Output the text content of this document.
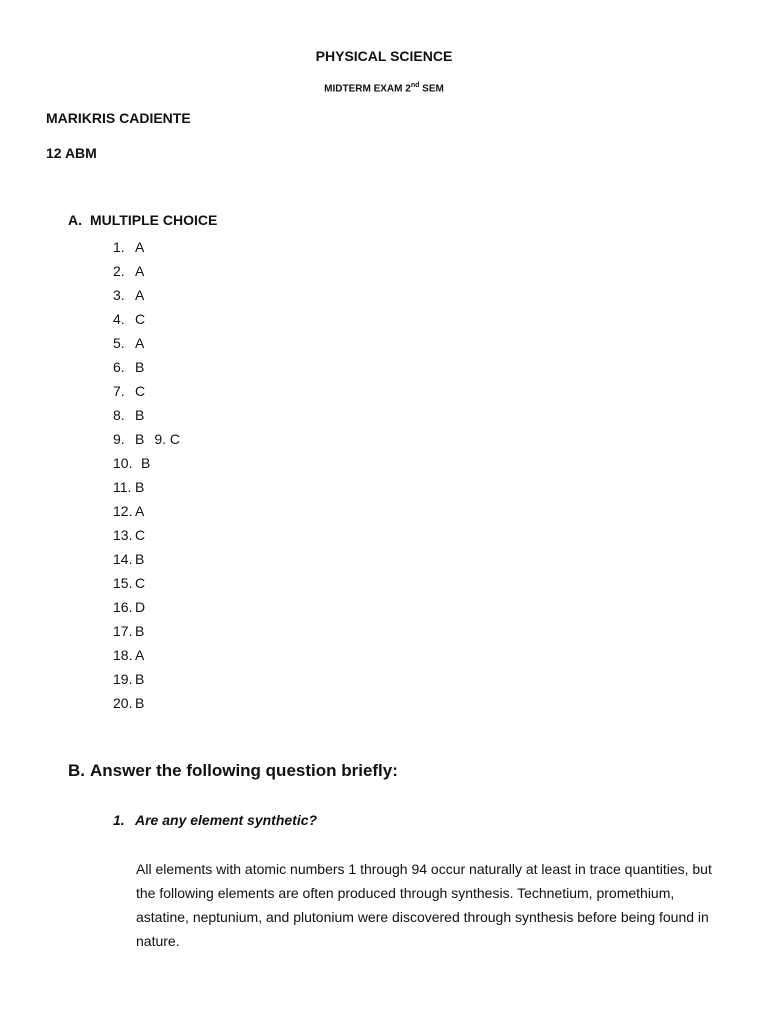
PHYSICAL SCIENCE
MIDTERM EXAM 2nd SEM
MARIKRIS CADIENTE
12 ABM
A. MULTIPLE CHOICE
1. A
2. A
3. A
4. C
5. A
6. B
7. C
8. B
9. B 9. C
10. B
11. B
12. A
13. C
14. B
15. C
16. D
17. B
18. A
19. B
20. B
B. Answer the following question briefly:
1. Are any element synthetic?
All elements with atomic numbers 1 through 94 occur naturally at least in trace quantities, but the following elements are often produced through synthesis. Technetium, promethium, astatine, neptunium, and plutonium were discovered through synthesis before being found in nature.
